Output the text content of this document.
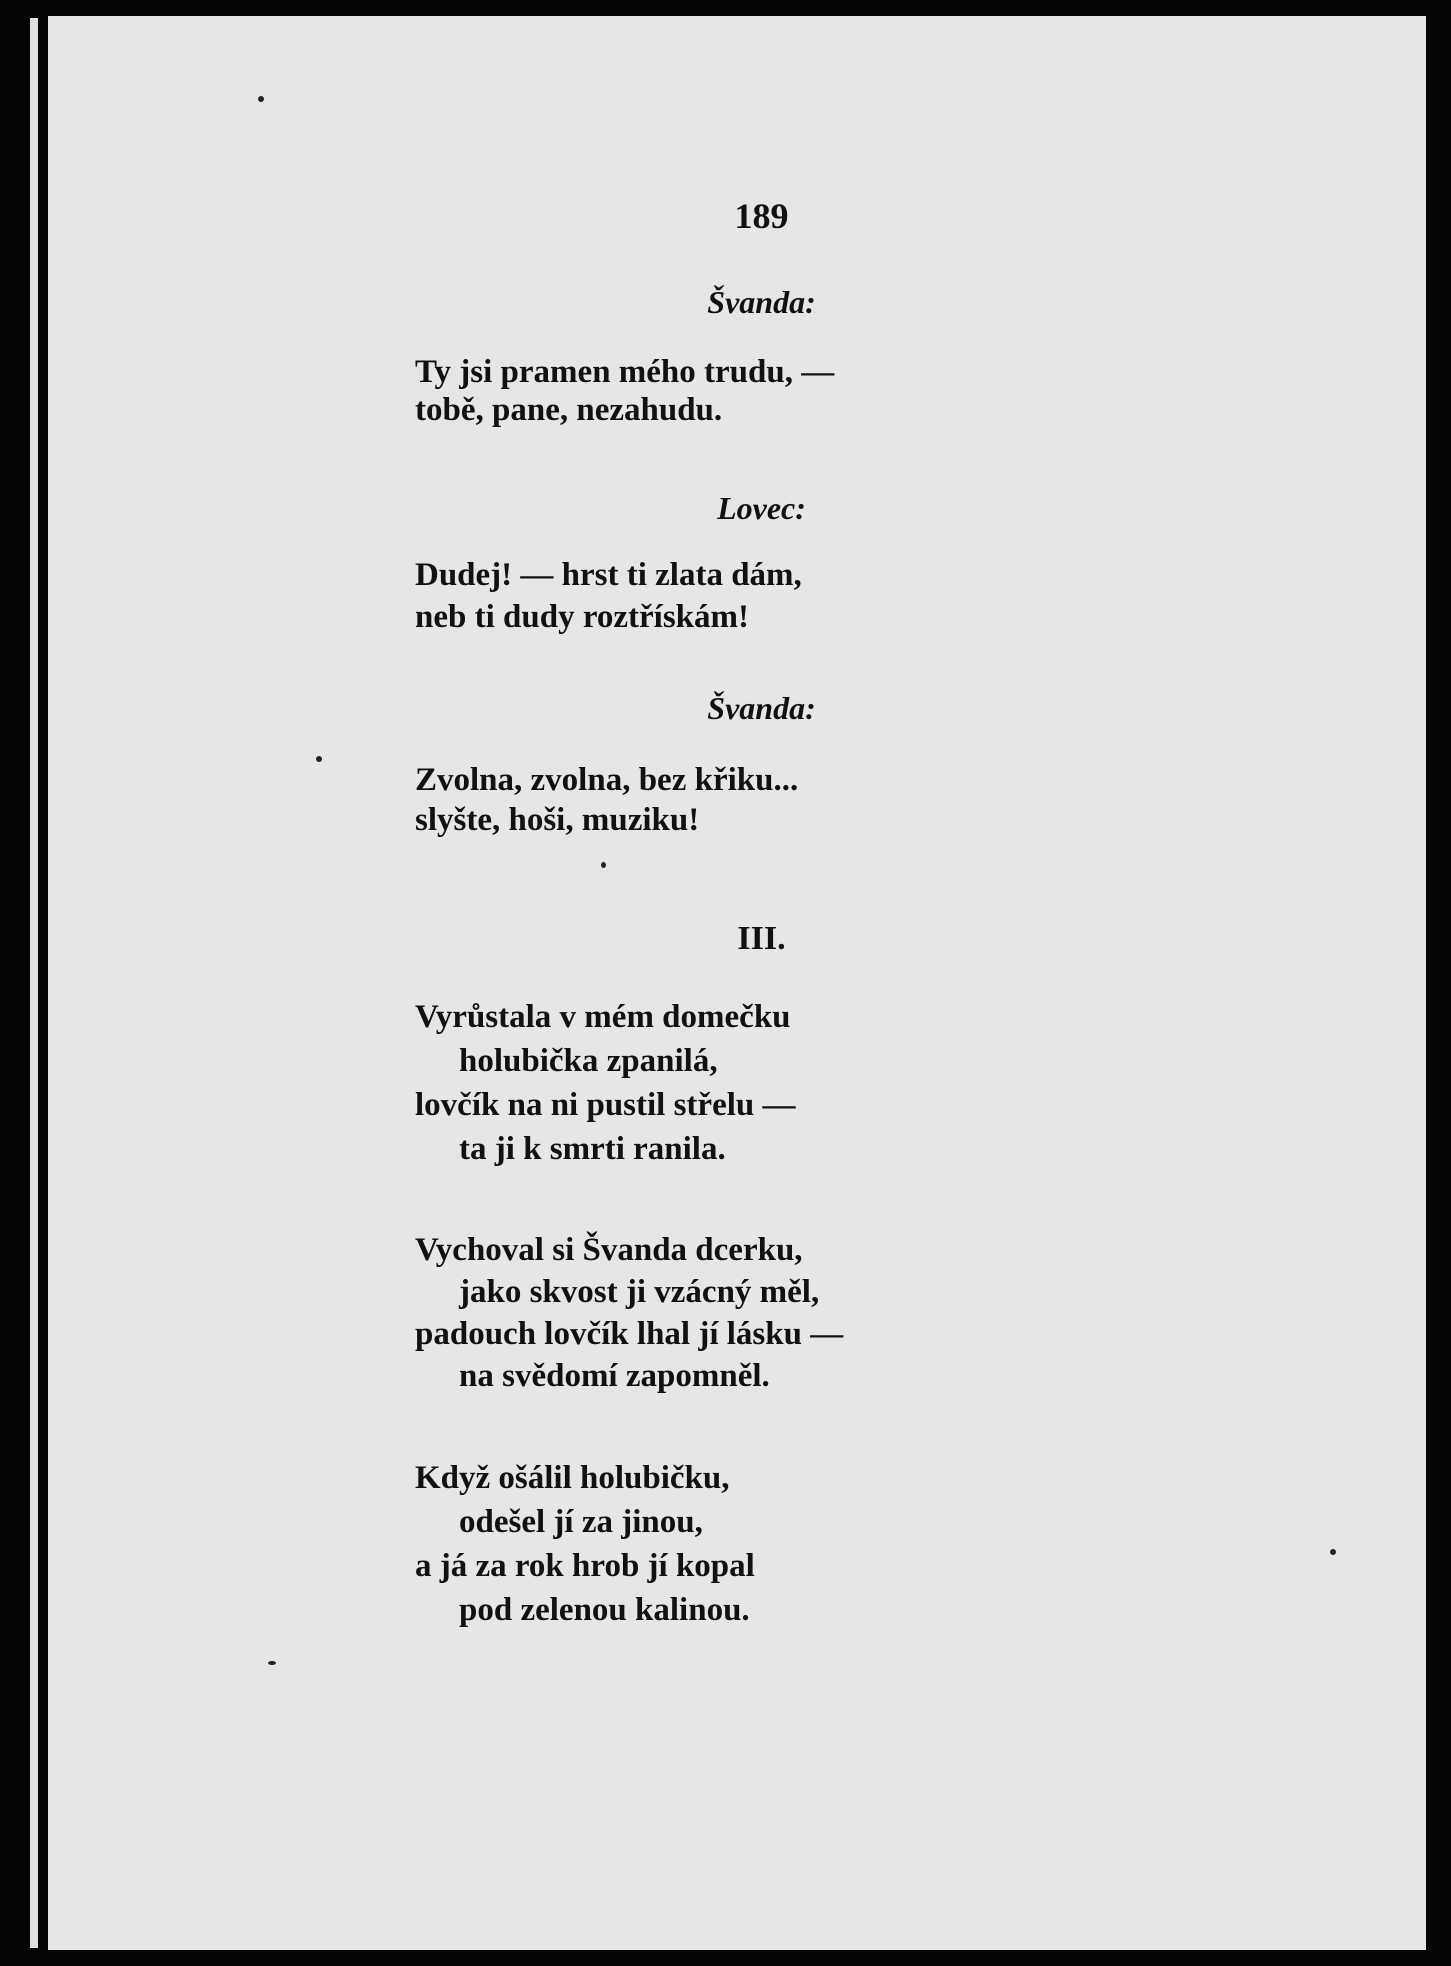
189
Švanda:
Ty jsi pramen mého trudu, —
tobě, pane, nezahudu.
Lovec:
Dudej! — hrst ti zlata dám,
neb ti dudy roztřískám!
Švanda:
Zvolna, zvolna, bez křiku...
slyšte, hoši, muziku!
III.
Vyrůstala v mém domečku
holubička zpanilá,
lovčík na ni pustil střelu —
ta ji k smrti ranila.
Vychoval si Švanda dcerku,
jako skvost ji vzácný měl,
padouch lovčík lhal jí lásku —
na svědomí zapomněl.
Když ošálil holubičku,
odešel jí za jinou,
a já za rok hrob jí kopal
pod zelenou kalinou.
